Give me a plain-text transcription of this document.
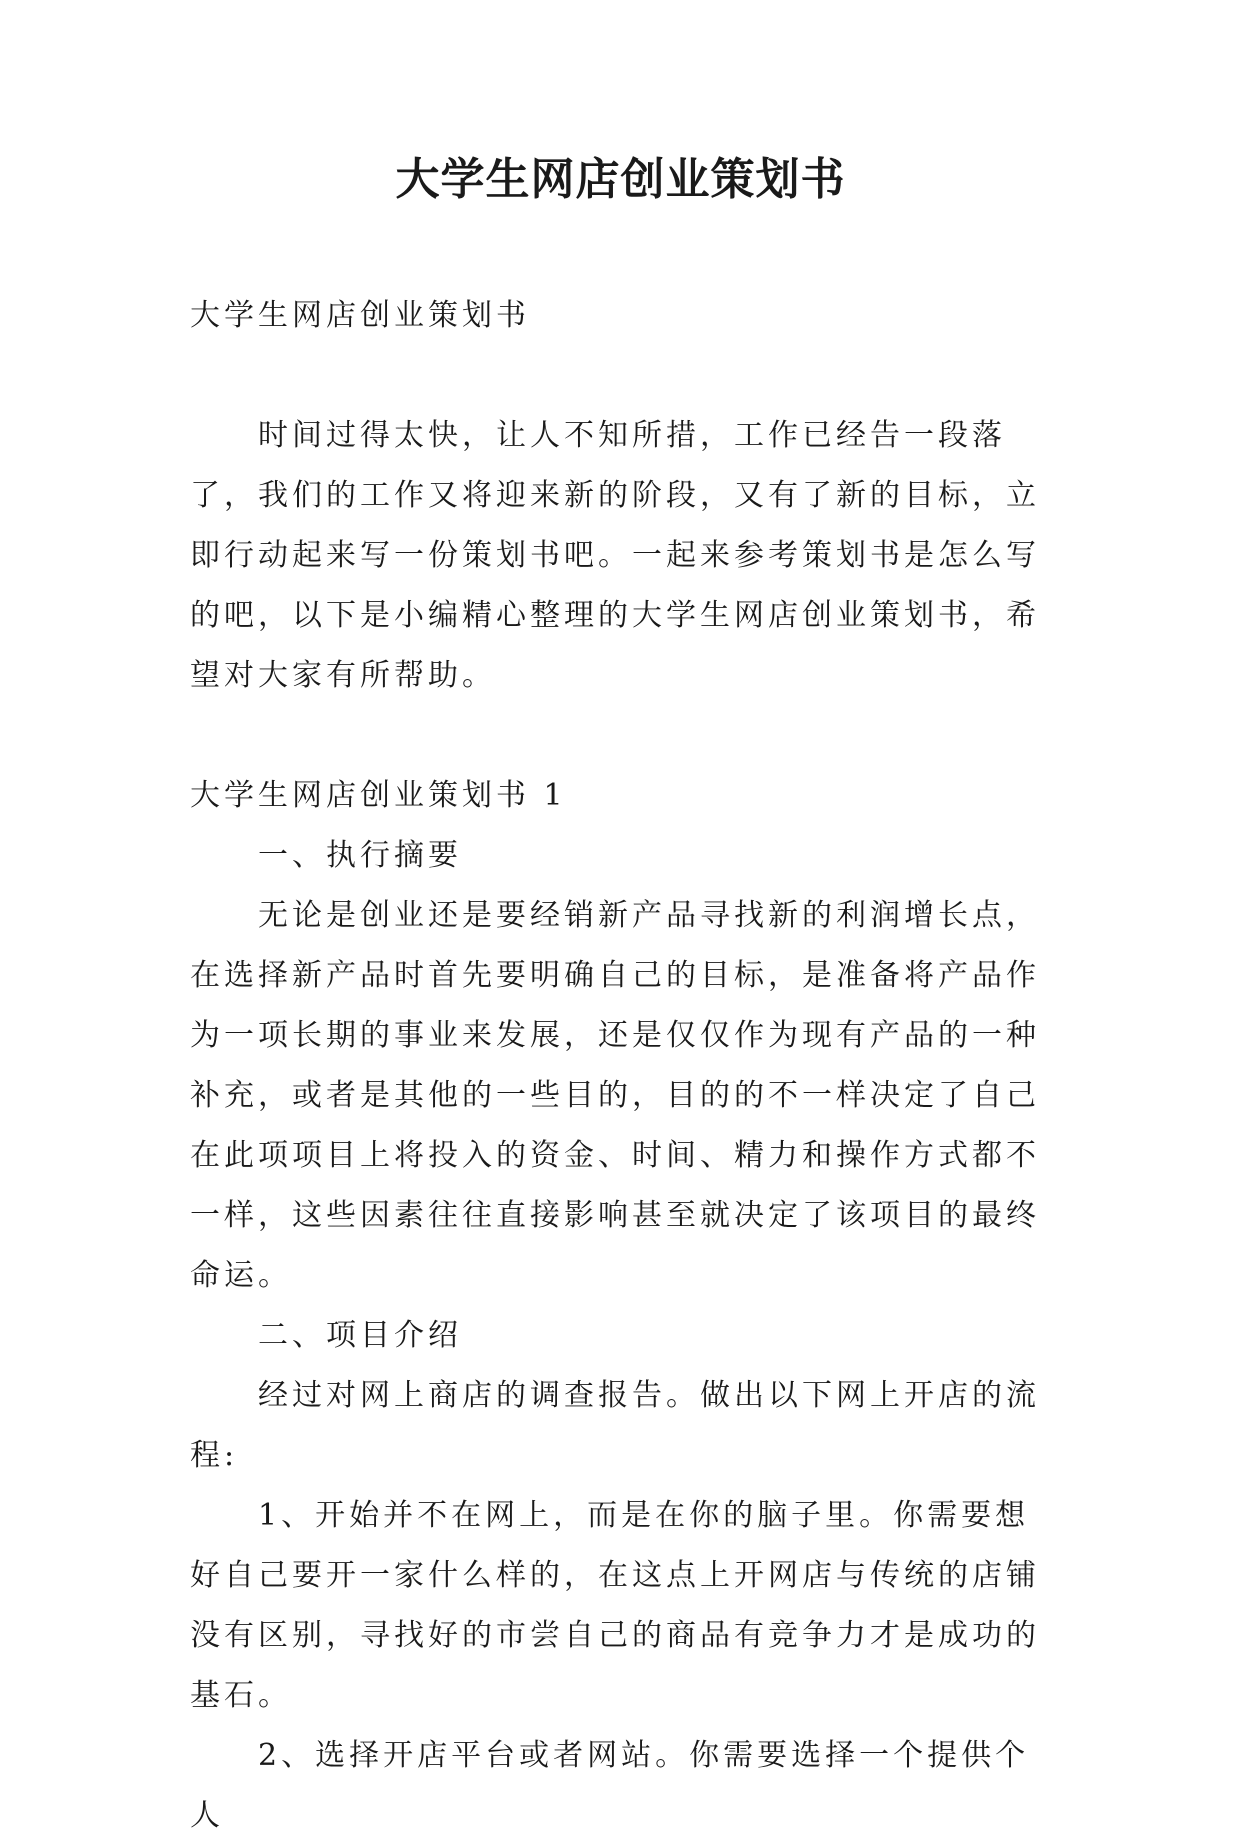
大学生网店创业策划书

大学生网店创业策划书

时间过得太快，让人不知所措，工作已经告一段落了，我们的工作又将迎来新的阶段，又有了新的目标，立即行动起来写一份策划书吧。一起来参考策划书是怎么写的吧，以下是小编精心整理的大学生网店创业策划书，希望对大家有所帮助。

大学生网店创业策划书 1

一、执行摘要

无论是创业还是要经销新产品寻找新的利润增长点，在选择新产品时首先要明确自己的目标，是准备将产品作为一项长期的事业来发展，还是仅仅作为现有产品的一种补充，或者是其他的一些目的，目的的不一样决定了自己在此项项目上将投入的资金、时间、精力和操作方式都不一样，这些因素往往直接影响甚至就决定了该项目的最终命运。

二、项目介绍

经过对网上商店的调查报告。做出以下网上开店的流程:

1、开始并不在网上，而是在你的脑子里。你需要想好自己要开一家什么样的，在这点上开网店与传统的店铺没有区别，寻找好的市尝自己的商品有竞争力才是成功的基石。

2、选择开店平台或者网站。你需要选择一个提供个人
